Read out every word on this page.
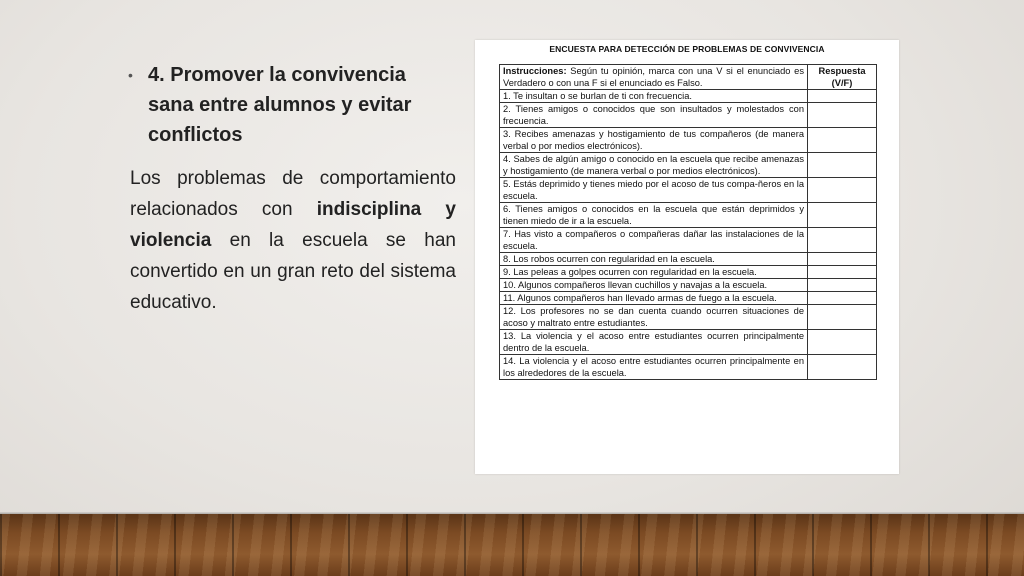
• 4. Promover la convivencia sana entre alumnos y evitar conflictos
Los problemas de comportamiento relacionados con indisciplina y violencia en la escuela se han convertido en un gran reto del sistema educativo.
ENCUESTA PARA DETECCIÓN DE PROBLEMAS DE CONVIVENCIA
Instrucciones: Según tu opinión, marca con una V si el enunciado es Verdadero o con una F si el enunciado es Falso.	Respuesta (V/F)
1. Te insultan o se burlan de ti con frecuencia.	
2. Tienes amigos o conocidos que son insultados y molestados con frecuencia.	
3. Recibes amenazas y hostigamiento de tus compañeros (de manera verbal o por medios electrónicos).	
4. Sabes de algún amigo o conocido en la escuela que recibe amenazas y hostigamiento (de manera verbal o por medios electrónicos).	
5. Estás deprimido y tienes miedo por el acoso de tus compa-ñeros en la escuela.	
6. Tienes amigos o conocidos en la escuela que están deprimidos y tienen miedo de ir a la escuela.	
7. Has visto a compañeros o compañeras dañar las instalaciones de la escuela.	
8. Los robos ocurren con regularidad en la escuela.	
9. Las peleas a golpes ocurren con regularidad en la escuela.	
10. Algunos compañeros llevan cuchillos y navajas a la escuela.	
11. Algunos compañeros han llevado armas de fuego a la escuela.	
12. Los profesores no se dan cuenta cuando ocurren situaciones de acoso y maltrato entre estudiantes.	
13. La violencia y el acoso entre estudiantes ocurren principalmente dentro de la escuela.	
14. La violencia y el acoso entre estudiantes ocurren principalmente en los alrededores de la escuela.	
